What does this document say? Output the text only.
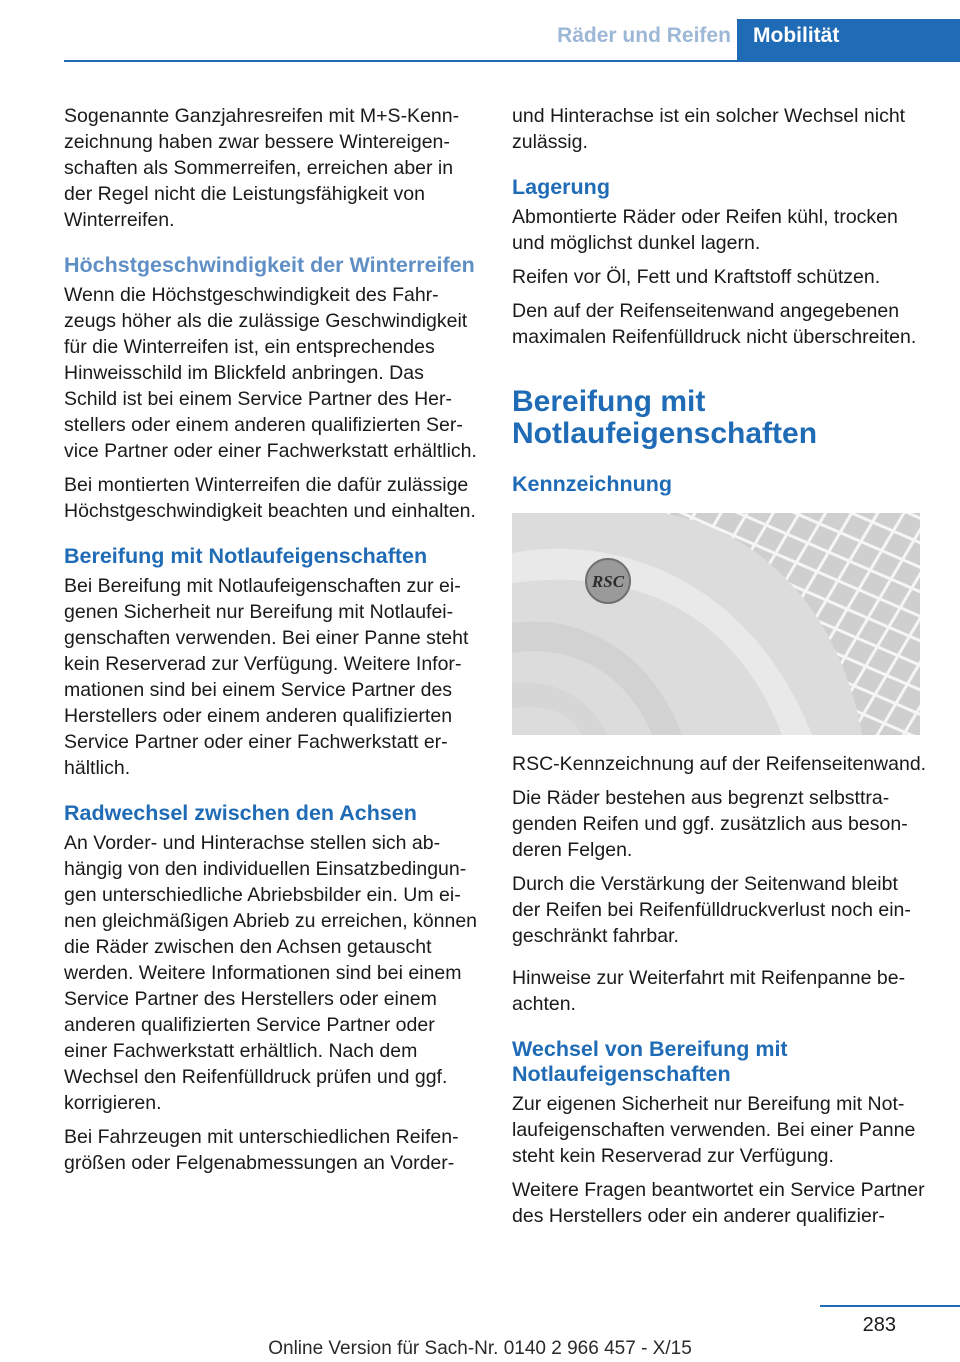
Räder und Reifen	Mobilität

Sogenannte Ganzjahresreifen mit M+S-Kennzeichnung haben zwar bessere Wintereigenschaften als Sommerreifen, erreichen aber in der Regel nicht die Leistungsfähigkeit von Winterreifen.

Höchstgeschwindigkeit der Winterreifen

Wenn die Höchstgeschwindigkeit des Fahrzeugs höher als die zulässige Geschwindigkeit für die Winterreifen ist, ein entsprechendes Hinweisschild im Blickfeld anbringen. Das Schild ist bei einem Service Partner des Herstellers oder einem anderen qualifizierten Service Partner oder einer Fachwerkstatt erhältlich.

Bei montierten Winterreifen die dafür zulässige Höchstgeschwindigkeit beachten und einhalten.

Bereifung mit Notlaufeigenschaften

Bei Bereifung mit Notlaufeigenschaften zur eigenen Sicherheit nur Bereifung mit Notlaufeigenschaften verwenden. Bei einer Panne steht kein Reserverad zur Verfügung. Weitere Informationen sind bei einem Service Partner des Herstellers oder einem anderen qualifizierten Service Partner oder einer Fachwerkstatt erhältlich.

Radwechsel zwischen den Achsen

An Vorder- und Hinterachse stellen sich abhängig von den individuellen Einsatzbedingungen unterschiedliche Abriebsbilder ein. Um einen gleichmäßigen Abrieb zu erreichen, können die Räder zwischen den Achsen getauscht werden. Weitere Informationen sind bei einem Service Partner des Herstellers oder einem anderen qualifizierten Service Partner oder einer Fachwerkstatt erhältlich. Nach dem Wechsel den Reifenfülldruck prüfen und ggf. korrigieren.

Bei Fahrzeugen mit unterschiedlichen Reifengrößen oder Felgenabmessungen an Vorder-

und Hinterachse ist ein solcher Wechsel nicht zulässig.

Lagerung

Abmontierte Räder oder Reifen kühl, trocken und möglichst dunkel lagern.

Reifen vor Öl, Fett und Kraftstoff schützen.

Den auf der Reifenseitenwand angegebenen maximalen Reifenfülldruck nicht überschreiten.

Bereifung mit Notlaufeigenschaften
Kennzeichnung
RSC

RSC-Kennzeichnung auf der Reifenseitenwand.

Die Räder bestehen aus begrenzt selbsttragenden Reifen und ggf. zusätzlich aus besonderen Felgen.

Durch die Verstärkung der Seitenwand bleibt der Reifen bei Reifenfülldruckverlust noch eingeschränkt fahrbar.

Hinweise zur Weiterfahrt mit Reifenpanne beachten.

Wechsel von Bereifung mit Notlaufeigenschaften

Zur eigenen Sicherheit nur Bereifung mit Notlaufeigenschaften verwenden. Bei einer Panne steht kein Reserverad zur Verfügung.

Weitere Fragen beantwortet ein Service Partner des Herstellers oder ein anderer qualifizier-

283
Online Version für Sach-Nr. 0140 2 966 457 - X/15
